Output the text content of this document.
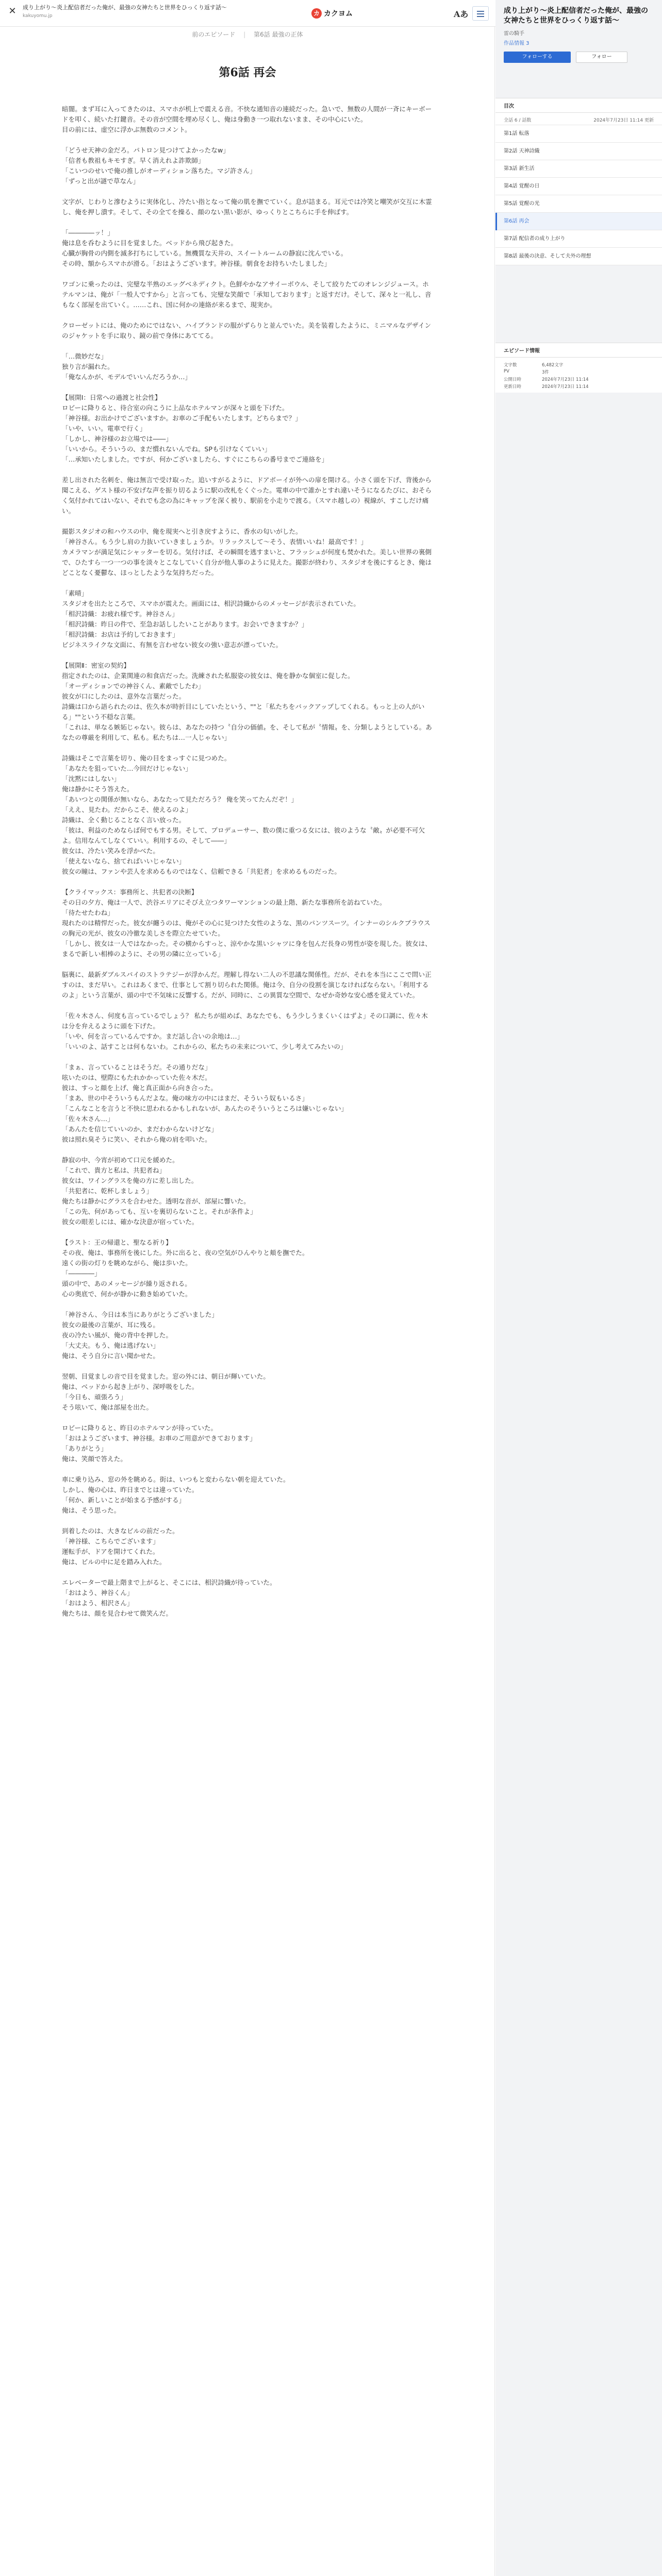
✕ 成り上がり〜炎上配信者だった俺が、最強の女神たちと世界をひっくり返す話〜
kakuyomu.jp	カ カクヨム	Aあ
前のエピソード | 第6話 最強の正体
第6話 再会

暗闇。まず耳に入ってきたのは、スマホが机上で震える音。不快な通知音の連続だった。急いで、無数の人間が一斉にキーボードを叩く、続いた打鍵音。その音が空間を埋め尽くし、俺は身動き一つ取れないまま、その中心にいた。
目の前には、虚空に浮かぶ無数のコメント。

「どうせ天神の金だろ。パトロン見つけてよかったなw」
「信者も教祖もキモすぎ。早く消えれよ詐欺師」
「こいつのせいで俺の推しがオーディション落ちた。マジ許さん」
「ずっと出が謎で草なん」

文字が、じわりと滲むように実体化し、冷たい指となって俺の肌を撫でていく。息が詰まる。耳元では冷笑と嘲笑が交互に木霊し、俺を押し潰す。そして、その全てを操る、顔のない黒い影が、ゆっくりとこちらに手を伸ばす。

「――――ッ！」
俺は息を呑むように目を覚ました。ベッドから飛び起きた。
心臓が胸骨の内側を滅多打ちにしている。無機質な天井の、スイートルームの静寂に沈んでいる。
その時、額からスマホが滑る。「おはようございます。神谷様。朝食をお持ちいたしました」

ワゴンに乗ったのは、完璧な半熟のエッグベネディクト。色鮮やかなアサイーボウル、そして絞りたてのオレンジジュース。ホテルマンは、俺が「一般人ですから」と言っても、完璧な笑顔で「承知しております」と返すだけ。そして、深々と一礼し、音もなく部屋を出ていく。……これ、国に何かの連絡が来るまで、現実か。

クローゼットには、俺のためにではない、ハイブランドの服がずらりと並んでいた。美を装着したように、ミニマルなデザインのジャケットを手に取り、鏡の前で身体にあててる。

「…微妙だな」
独り言が漏れた。
「俺なんかが、モデルでいいんだろうか…」

【展開Ⅰ：日常への過渡と社会性】
ロビーに降りると、待合室の向こうに上品なホテルマンが深々と頭を下げた。
「神谷様。お出かけでございますか。お車のご手配もいたします。どちらまで？」
「いや、いい。電車で行く」
「しかし、神谷様のお立場では――」
「いいから。そういうの、まだ慣れないんでね。SPも引けなくていい」
「…承知いたしました。ですが、何かございましたら、すぐにこちらの番号までご連絡を」

差し出された名刺を、俺は無言で受け取った。追いすがるように、ドアボーイが外への扉を開ける。小さく頭を下げ、背後から聞こえる、ゲスト様の不安げな声を振り切るように駅の改札をくぐった。電車の中で誰かとすれ違いそうになるたびに、おそらく気付かれてはいない、それでも念の為にキャップを深く被り、駅前を小走りで渡る。（スマホ越しの）視線が、すこしだけ痛い。

撮影スタジオの和ハウスの中、俺を現実へと引き戻すように、香水の匂いがした。
「神谷さん。もう少し肩の力抜いていきましょうか。リラックスして～そう、表情いいね！最高です！」
カメラマンが満足気にシャッターを切る。気付けば、その瞬間を逃すまいと、フラッシュが何度も焚かれた。美しい世界の裏側で、ひたすら一つ一つの事を淡々とこなしていく自分が他人事のように見えた。撮影が終わり、スタジオを後にするとき、俺はどことなく憂鬱な、ほっとしたような気持ちだった。

「素晴」
スタジオを出たところで、スマホが震えた。画面には、相沢詩織からのメッセージが表示されていた。
「相沢詩織：お疲れ様です。神谷さん」
「相沢詩織：昨日の件で、至急お話ししたいことがあります。お会いできますか？」
「相沢詩織：お店は予約しておきます」
ビジネスライクな文面に、有無を言わせない彼女の強い意志が漂っていた。

【展開Ⅱ：密室の契約】
指定されたのは、企業関連の和食店だった。洗練された私服姿の彼女は、俺を静かな個室に促した。
「オーディションでの神谷くん、素敵でしたわ」
彼女が口にしたのは、意外な言葉だった。
詩織は口から語られたのは、佐久本が時折目にしていたという、""と「私たちをバックアップしてくれる。もっと上の人がいる」""という不穏な言葉。
「これは、単なる嫉妬じゃない。彼らは、あなたの持つ〝自分の価値〟を、そして私が〝情報〟を、分類しようとしている。あなたの尊厳を利用して、私も。私たちは…一人じゃない」

詩織はそこで言葉を切り、俺の目をまっすぐに見つめた。
「あなたを狙っていた…今回だけじゃない」
「沈黙にはしない」
俺は静かにそう答えた。
「あいつとの関係が無いなら、あなたって見ただろう？ 俺を笑ってたんだぞ！」
「ええ、見たわ。だからこそ、使えるのよ」
詩織は、全く動じることなく言い放った。
「彼は、利益のためならば何でもする男。そして、プロデューサー、数の僕に重つる女には、彼のような〝敵〟が必要不可欠よ。信用なんてしなくていい。利用するの、そして――」
彼女は、冷たい笑みを浮かべた。
「使えないなら、捨てればいいじゃない」
彼女の瞳は、ファンや芸人を求めるものではなく、信頼できる「共犯者」を求めるものだった。

【クライマックス：事務所と、共犯者の決断】
その日の夕方、俺は一人で、渋谷エリアにそびえ立つタワーマンションの最上階、新たな事務所を訪ねていた。
「待たせたわね」
現れたのは精悍だった。彼女が纏うのは、俺がその心に見つけた女性のような、黒のパンツスーツ。インナーのシルクブラウスの胸元の光が、彼女の冷徹な美しさを際立たせていた。
「しかし、彼女は一人ではなかった。その横からすっと、涼やかな黒いシャツに身を包んだ長身の男性が姿を現した。彼女は、まるで新しい相棒のように、その男の隣に立っている」

脳裏に、最新ダブルスパイのストラテジーが浮かんだ。理解し得ない二人の不思議な関係性。だが、それを本当にここで問い正すのは、まだ早い。これはあくまで、仕事として割り切られた関係。俺は今、自分の役割を演じなければならない。「利用するのよ」という言葉が、頭の中で不気味に反響する。だが、同時に、この異質な空間で、なぜか奇妙な安心感を覚えていた。

「佐々木さん、何度も言っているでしょう？ 私たちが組めば、あなたでも、もう少しうまくいくはずよ」その口調に、佐々木は分を弁えるように頭を下げた。
「いや、何を言っているんですか。まだ話し合いの余地は…」
「いいのよ、話すことは何もないわ。これからの、私たちの未来について、少し考えてみたいの」

「まぁ、言っていることはそうだ。その通りだな」
呟いたのは、壁際にもたれかかっていた佐々木だ。
彼は、すっと顔を上げ、俺と真正面から向き合った。
「まあ、世の中そういうもんだよな。俺の味方の中にはまだ、そういう奴もいるさ」
「こんなことを言うと不快に思われるかもしれないが、あんたのそういうところは嫌いじゃない」
「佐々木さん…」
「あんたを信じていいのか、まだわからないけどな」
彼は照れ臭そうに笑い、それから俺の肩を叩いた。

静寂の中、今宵が初めて口元を緩めた。
「これで、貴方と私は、共犯者ね」
彼女は、ワイングラスを俺の方に差し出した。
「共犯者に、乾杯しましょう」
俺たちは静かにグラスを合わせた。透明な音が、部屋に響いた。
「この先、何があっても、互いを裏切らないこと。それが条件よ」
彼女の眼差しには、確かな決意が宿っていた。

【ラスト：王の帰還と、聖なる祈り】
その夜、俺は、事務所を後にした。外に出ると、夜の空気がひんやりと頬を撫でた。
遠くの街の灯りを眺めながら、俺は歩いた。
「――――」
頭の中で、あのメッセージが繰り返される。
心の奥底で、何かが静かに動き始めていた。

「神谷さん、今日は本当にありがとうございました」
彼女の最後の言葉が、耳に残る。
夜の冷たい風が、俺の背中を押した。
「大丈夫。もう、俺は逃げない」
俺は、そう自分に言い聞かせた。

翌朝、目覚ましの音で目を覚ました。窓の外には、朝日が輝いていた。
俺は、ベッドから起き上がり、深呼吸をした。
「今日も、頑張ろう」
そう呟いて、俺は部屋を出た。

ロビーに降りると、昨日のホテルマンが待っていた。
「おはようございます、神谷様。お車のご用意ができております」
「ありがとう」
俺は、笑顔で答えた。

車に乗り込み、窓の外を眺める。街は、いつもと変わらない朝を迎えていた。
しかし、俺の心は、昨日までとは違っていた。
「何か、新しいことが始まる予感がする」
俺は、そう思った。

到着したのは、大きなビルの前だった。
「神谷様、こちらでございます」
運転手が、ドアを開けてくれた。
俺は、ビルの中に足を踏み入れた。

エレベーターで最上階まで上がると、そこには、相沢詩織が待っていた。
「おはよう、神谷くん」
「おはよう、相沢さん」
俺たちは、顔を見合わせて微笑んだ。

成り上がり〜炎上配信者だった俺が、最強の女神たちと世界をひっくり返す話〜
雷の騎手
作品情報 3
フォローする	フォロー
目次
全話 6 / 話数	2024年7月23日 11:14 更新
第1話 転落
第2話 天神詩織
第3話 新生活
第4話 覚醒の日
第5話 覚醒の光
第6話 再会
第7話 配信者の成り上がり
第8話 最後の決意、そして夫外の理想
エピソード情報
文字数	6,482文字
PV	3件
公開日時	2024年7月23日 11:14
更新日時	2024年7月23日 11:14
